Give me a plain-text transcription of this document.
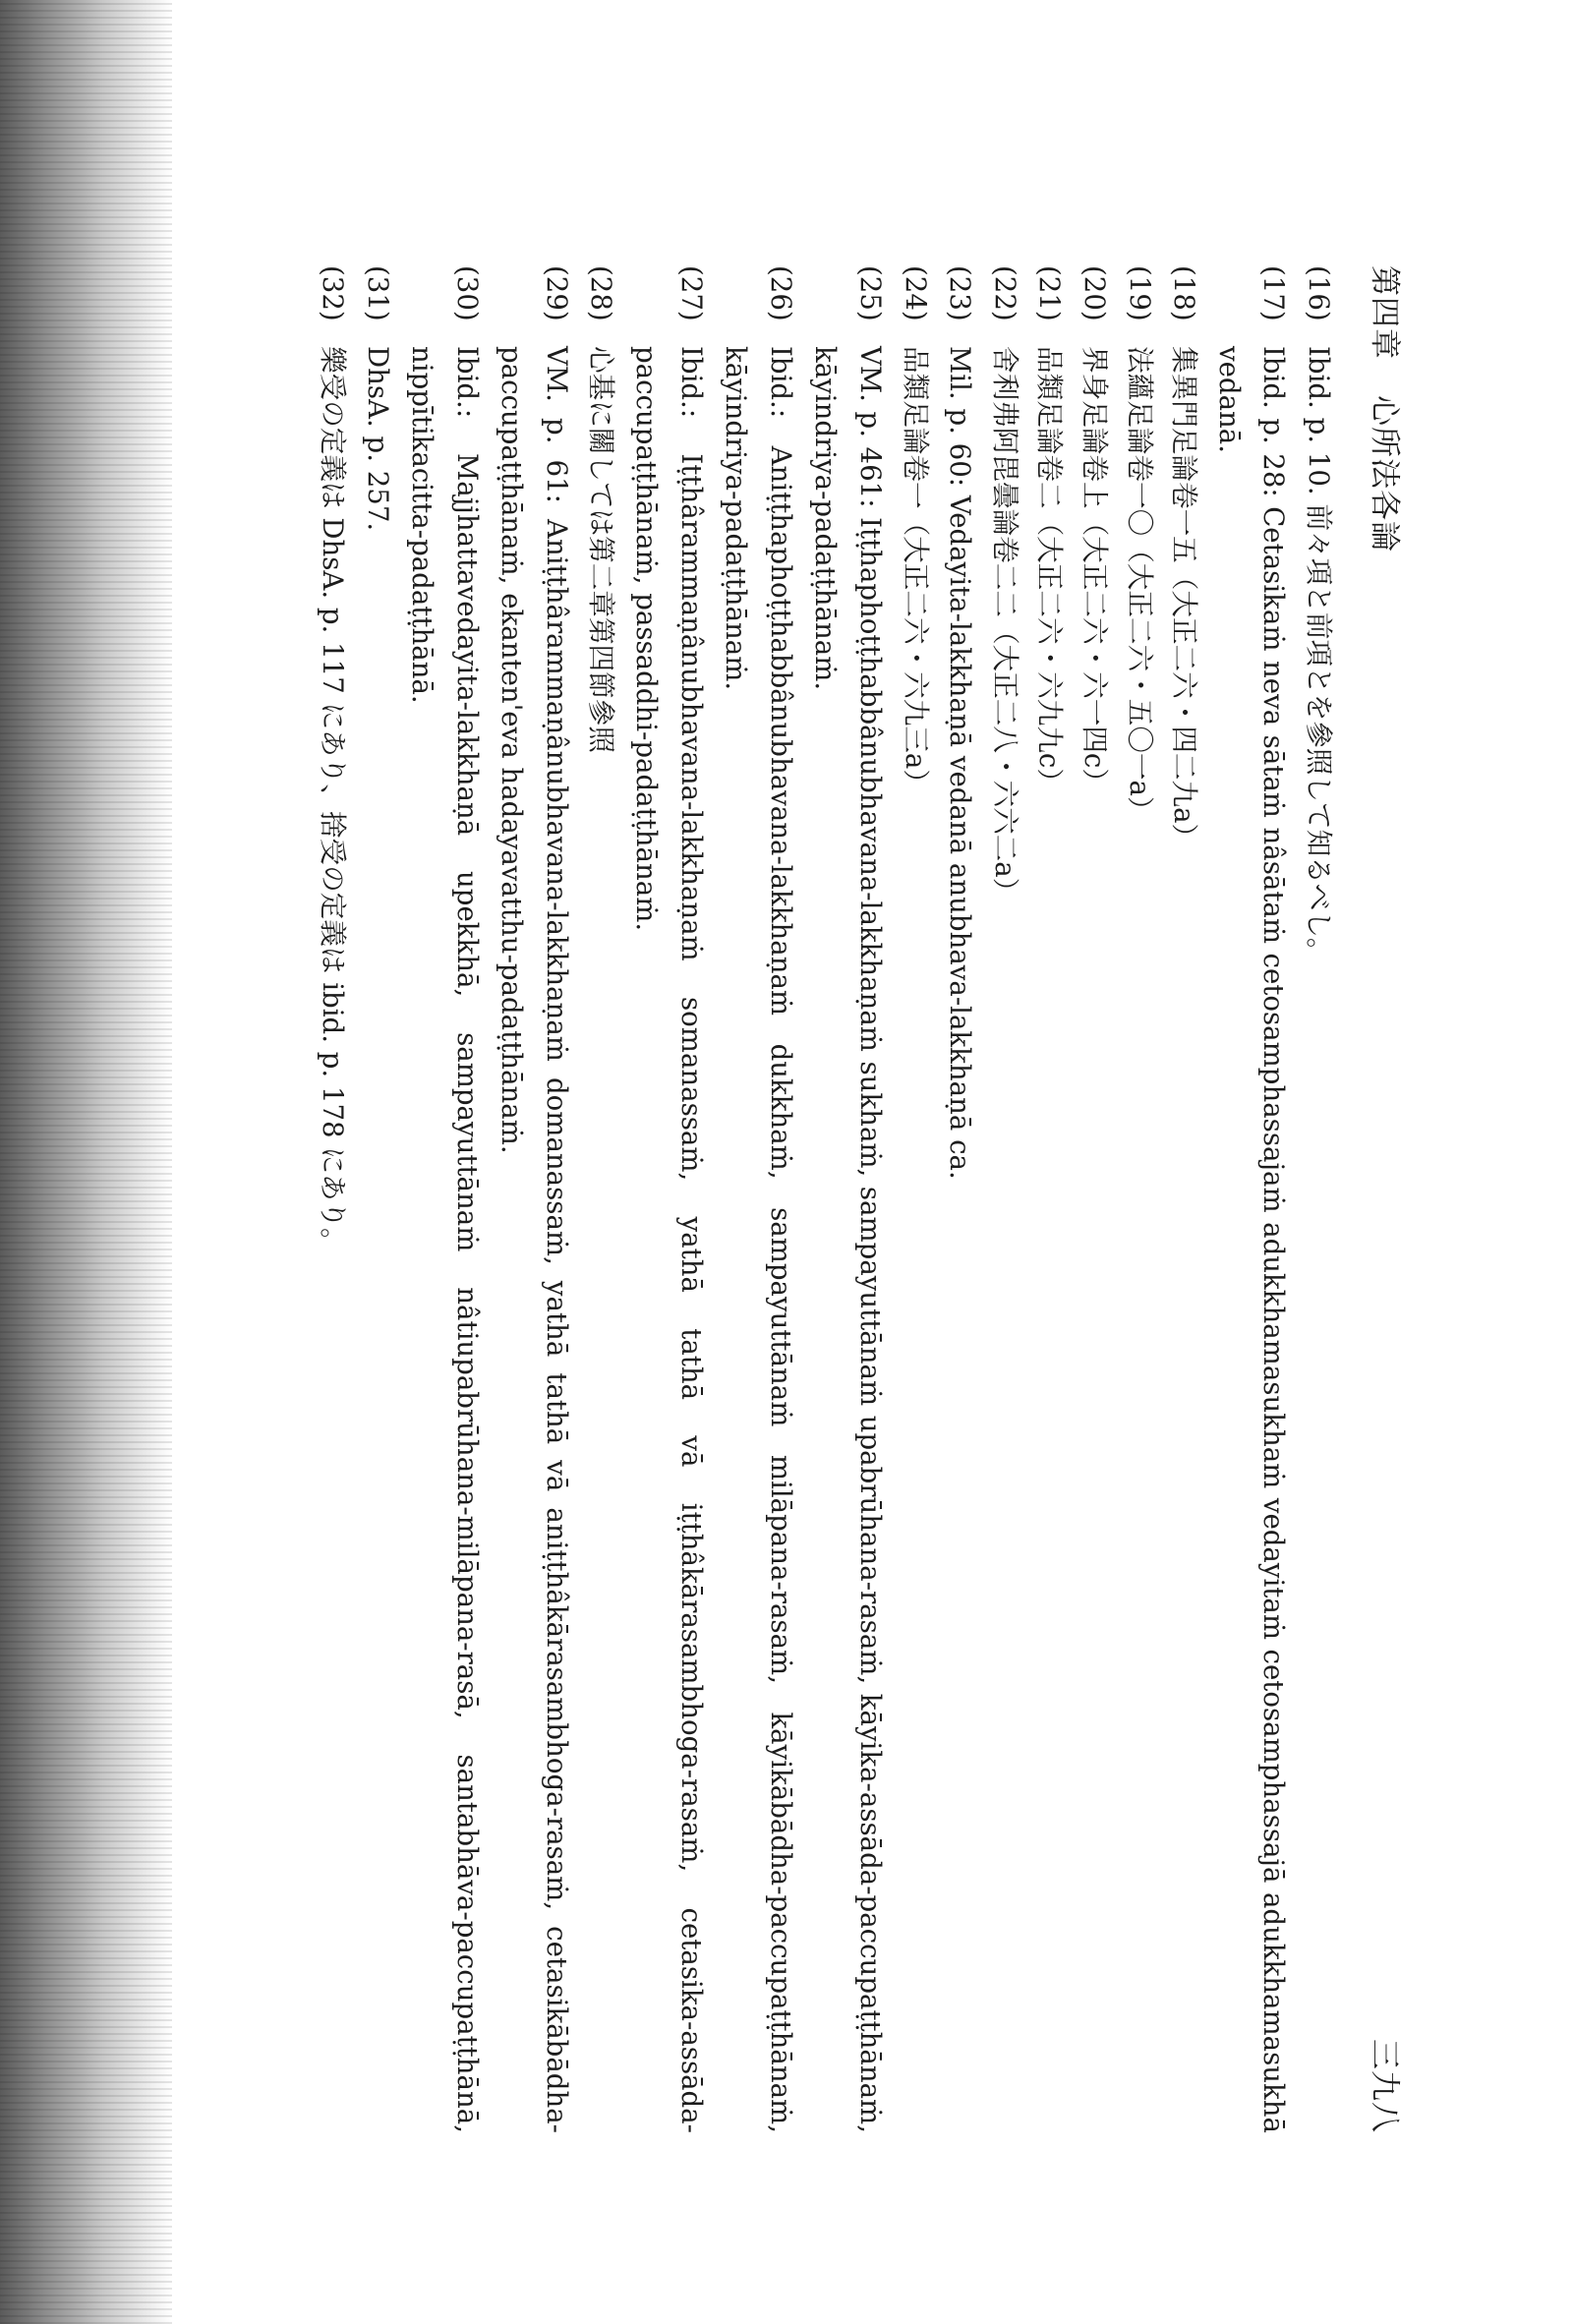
第四章心所法各論
三九八
(16)
Ibid. p. 10. 前々項と前項とを參照して知るべし。
(17)
Ibid. p. 28: Cetasikaṁ neva sātaṁ nâsātaṁ cetosamphassajaṁ adukkhamasukhaṁ vedayitaṁ cetosamphassajā adukkhamasukhā vedanā.
(18)
集異門足論卷一五（大正二六・四二九a）
(19)
法蘊足論卷一〇（大正二六・五〇一a）
(20)
界身足論卷上（大正二六・六一四c）
(21)
品類足論卷二（大正二六・六九九c）
(22)
舍利弗阿毘曇論卷二二（大正二八・六六二a）
(23)
Mil. p. 60: Vedayita-lakkhaṇā vedanā anubhava-lakkhaṇā ca.
(24)
品類足論卷一（大正二六・六九三a）
(25)
VM. p. 461: Iṭṭhaphoṭṭhabbânubhavana-lakkhaṇaṁ sukhaṁ, sampayuttānaṁ upabrūhana-rasaṁ, kāyika-assāda-paccupaṭṭhānaṁ, kāyindriya-padaṭṭhānaṁ.
(26)
Ibid.: Aniṭṭhaphoṭṭhabbânubhavana-lakkhaṇaṁ dukkhaṁ, sampayuttānaṁ milāpana-rasaṁ, kāyikābādha-paccupaṭṭhānaṁ, kāyindriya-padaṭṭhānaṁ.
(27)
Ibid.: Iṭṭhârammaṇânubhavana-lakkhaṇaṁ somanassaṁ, yathā tathā vā iṭṭhâkārasambhoga-rasaṁ, cetasika-assāda-paccupaṭṭhānaṁ, passaddhi-padaṭṭhānaṁ.
(28)
心基に關しては第二章第四節參照
(29)
VM. p. 61: Aniṭṭhârammaṇânubhavana-lakkhaṇaṁ domanassaṁ, yathā tathā vā aniṭṭhâkārasambhoga-rasaṁ, cetasikābādha-paccupaṭṭhānaṁ, ekanten'eva hadayavatthu-padaṭṭhānaṁ.
(30)
Ibid.: Majjhattavedayita-lakkhaṇā upekkhā, sampayuttānaṁ nâtiupabrūhana-milāpana-rasā, santabhāva-paccupaṭṭhānā, nippītikacitta-padaṭṭhānā.
(31)
DhsA. p. 257.
(32)
樂受の定義は DhsA. p. 117 にあり、捨受の定義は ibid. p. 178 にあり。
